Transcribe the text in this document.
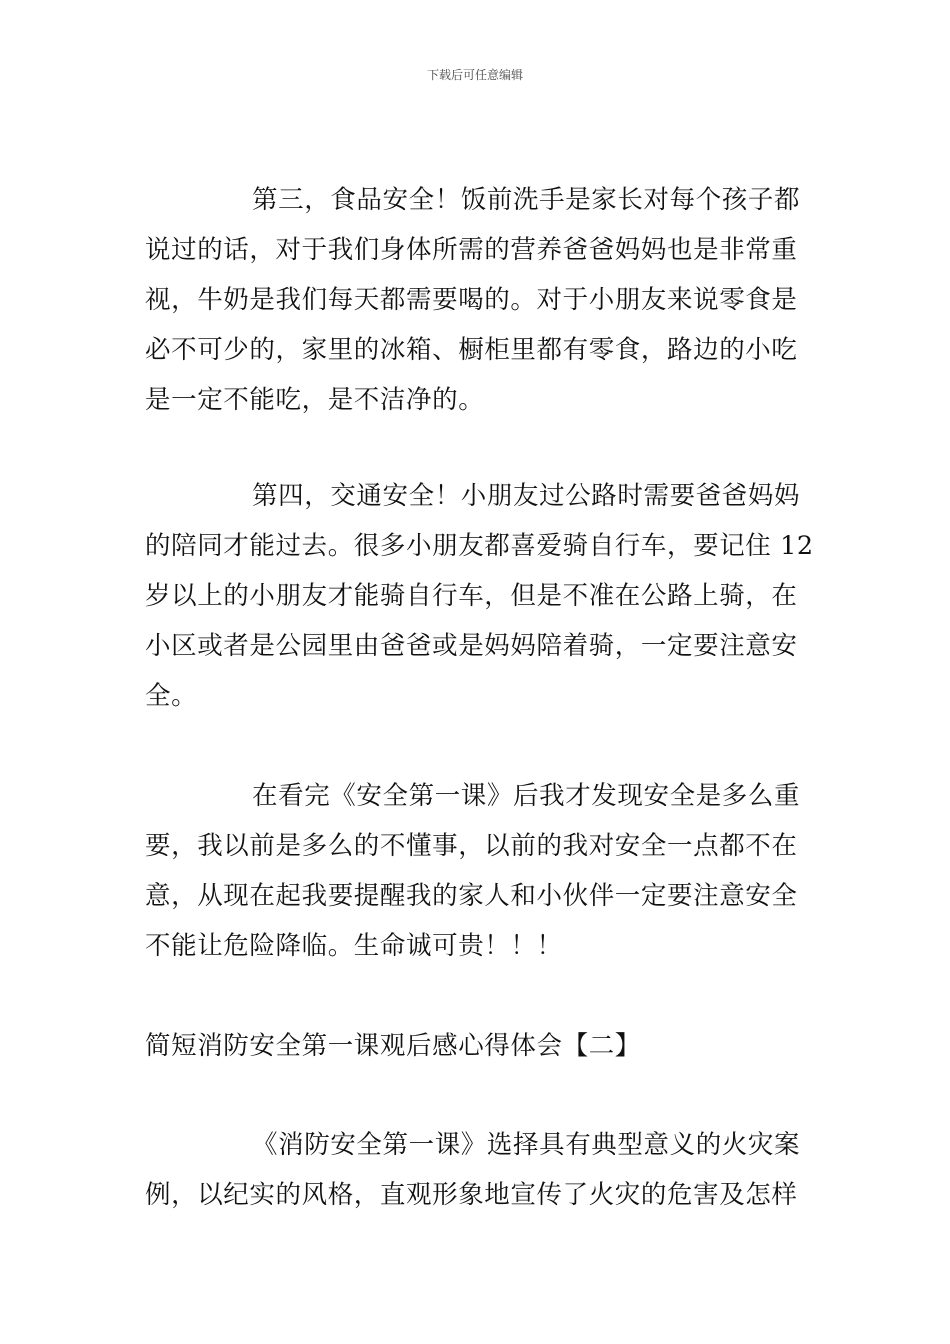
下载后可任意编辑
第三，食品安全！饭前洗手是家长对每个孩子都
说过的话，对于我们身体所需的营养爸爸妈妈也是非常重
视，牛奶是我们每天都需要喝的。对于小朋友来说零食是
必不可少的，家里的冰箱、橱柜里都有零食，路边的小吃
是一定不能吃，是不洁净的。
第四，交通安全！小朋友过公路时需要爸爸妈妈
的陪同才能过去。很多小朋友都喜爱骑自行车，要记住 12
岁以上的小朋友才能骑自行车，但是不准在公路上骑，在
小区或者是公园里由爸爸或是妈妈陪着骑，一定要注意安
全。
在看完《安全第一课》后我才发现安全是多么重
要，我以前是多么的不懂事，以前的我对安全一点都不在
意，从现在起我要提醒我的家人和小伙伴一定要注意安全
不能让危险降临。生命诚可贵！！！
简短消防安全第一课观后感心得体会【二】
《消防安全第一课》选择具有典型意义的火灾案
例，以纪实的风格，直观形象地宣传了火灾的危害及怎样
